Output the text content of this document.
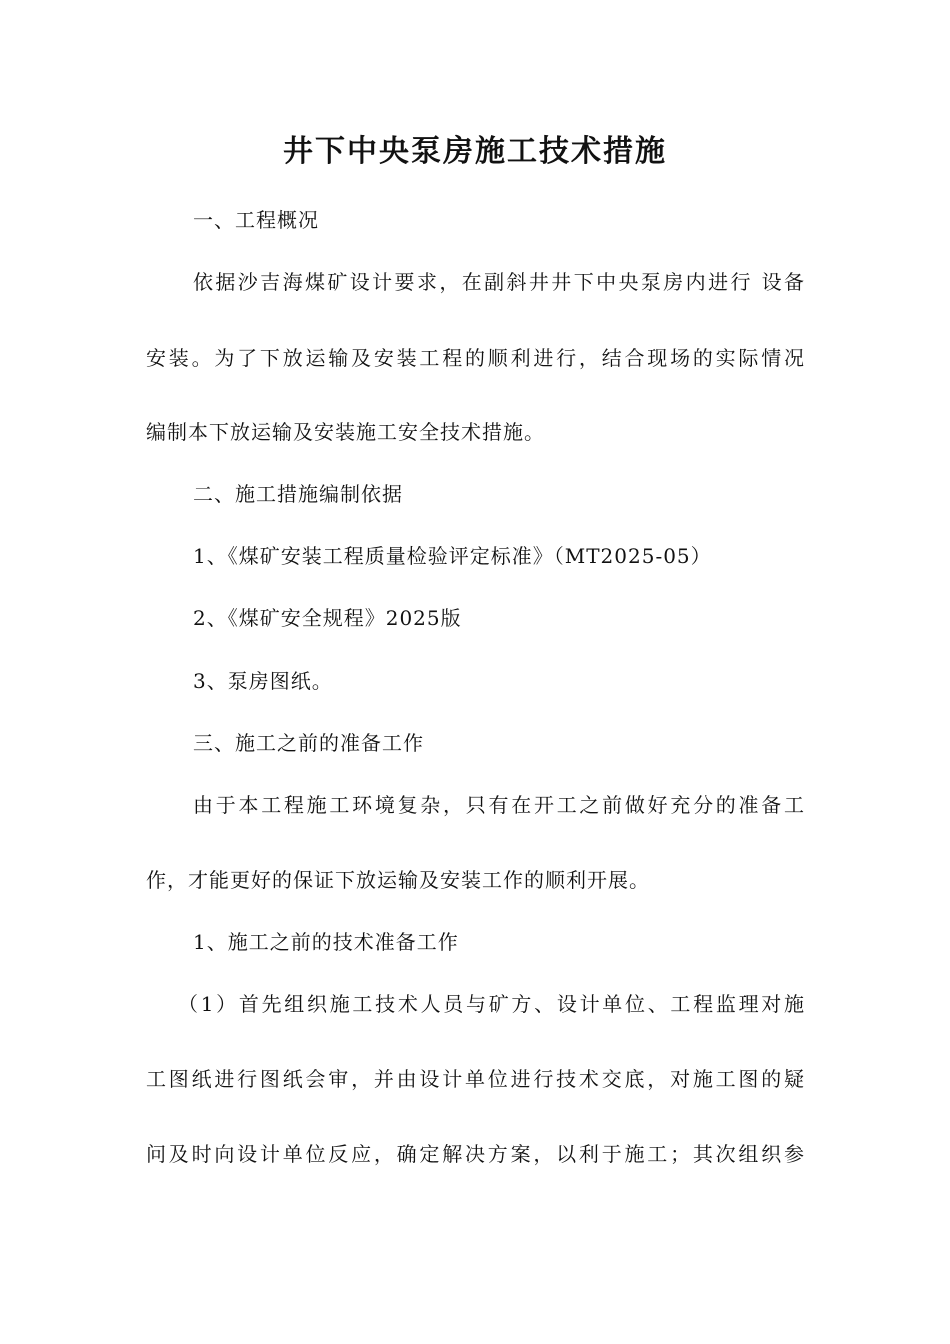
井下中央泵房施工技术措施
一、工程概况
依据沙吉海煤矿设计要求，在副斜井井下中央泵房内进行 设备
安装。为了下放运输及安装工程的顺利进行，结合现场的实际情况
编制本下放运输及安装施工安全技术措施。
二、施工措施编制依据
1、《煤矿安装工程质量检验评定标准》（MT2025-05）
2、《煤矿安全规程》2025版
3、泵房图纸。
三、施工之前的准备工作
由于本工程施工环境复杂，只有在开工之前做好充分的准备工
作，才能更好的保证下放运输及安装工作的顺利开展。
1、施工之前的技术准备工作
（1）首先组织施工技术人员与矿方、设计单位、工程监理对施
工图纸进行图纸会审，并由设计单位进行技术交底，对施工图的疑
问及时向设计单位反应，确定解决方案，以利于施工；其次组织参
